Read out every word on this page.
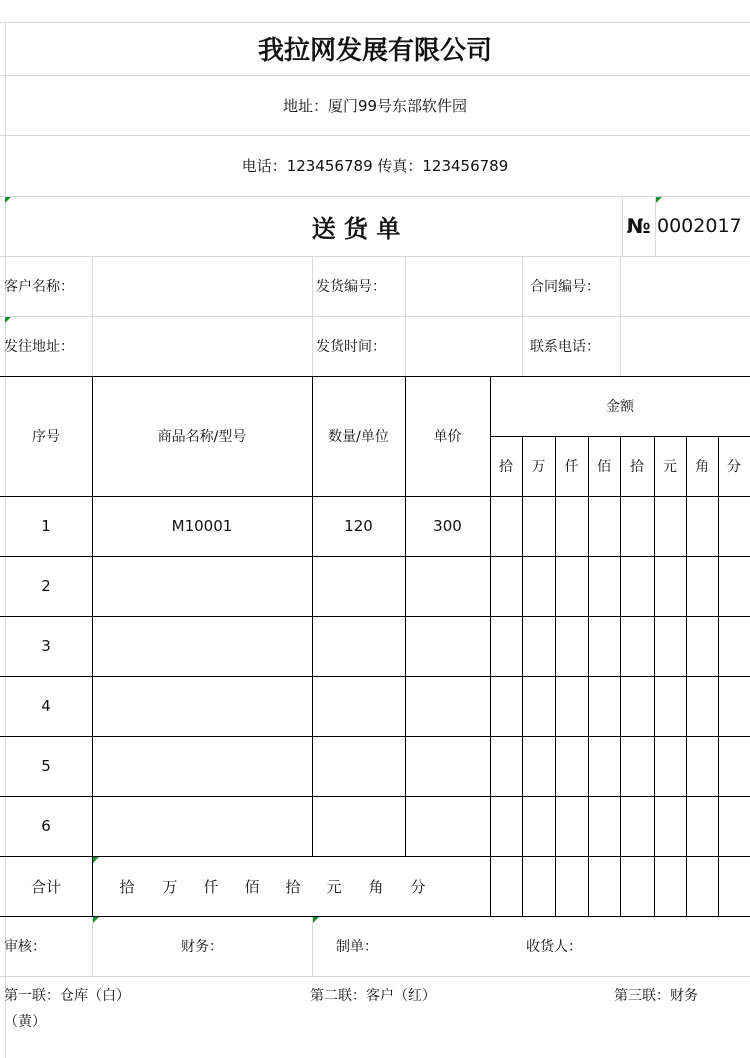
我拉网发展有限公司
地址：厦门99号东部软件园
电话：123456789 传真：123456789
送 货 单	№ 0002017
客户名称：	发货编号：	合同编号：
发往地址：	发货时间：	联系电话：
序号	商品名称/型号	数量/单位	单价
金额
拾	万	仟	佰	拾	元	角	分
1	M10001	120	300
2
3
4
5
6
合计	拾	万	仟	佰	拾	元	角	分
审核：	财务：	制单：	收货人：
第一联：仓库（白）	第二联：客户（红）	第三联：财务
（黄）
